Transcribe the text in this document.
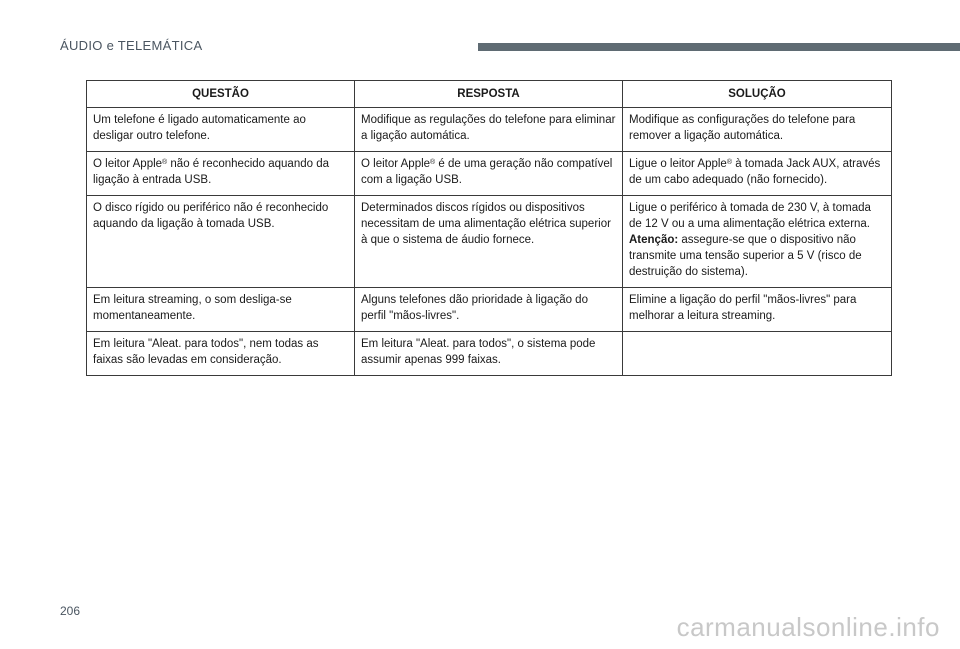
ÁUDIO e TELEMÁTICA
QUESTÃO	RESPOSTA	SOLUÇÃO
Um telefone é ligado automaticamente ao desligar outro telefone.	Modifique as regulações do telefone para eliminar a ligação automática.	Modifique as configurações do telefone para remover a ligação automática.
O leitor Apple® não é reconhecido aquando da ligação à entrada USB.	O leitor Apple® é de uma geração não compatível com a ligação USB.	Ligue o leitor Apple® à tomada Jack AUX, através de um cabo adequado (não fornecido).
O disco rígido ou periférico não é reconhecido aquando da ligação à tomada USB.	Determinados discos rígidos ou dispositivos necessitam de uma alimentação elétrica superior à que o sistema de áudio fornece.	Ligue o periférico à tomada de 230 V, à tomada de 12 V ou a uma alimentação elétrica externa.
Atenção: assegure-se que o dispositivo não transmite uma tensão superior a 5 V (risco de destruição do sistema).
Em leitura streaming, o som desliga-se momentaneamente.	Alguns telefones dão prioridade à ligação do perfil "mãos-livres".	Elimine a ligação do perfil "mãos-livres" para melhorar a leitura streaming.
Em leitura "Aleat. para todos", nem todas as faixas são levadas em consideração.	Em leitura "Aleat. para todos", o sistema pode assumir apenas 999 faixas.	
206
carmanualsonline.info
